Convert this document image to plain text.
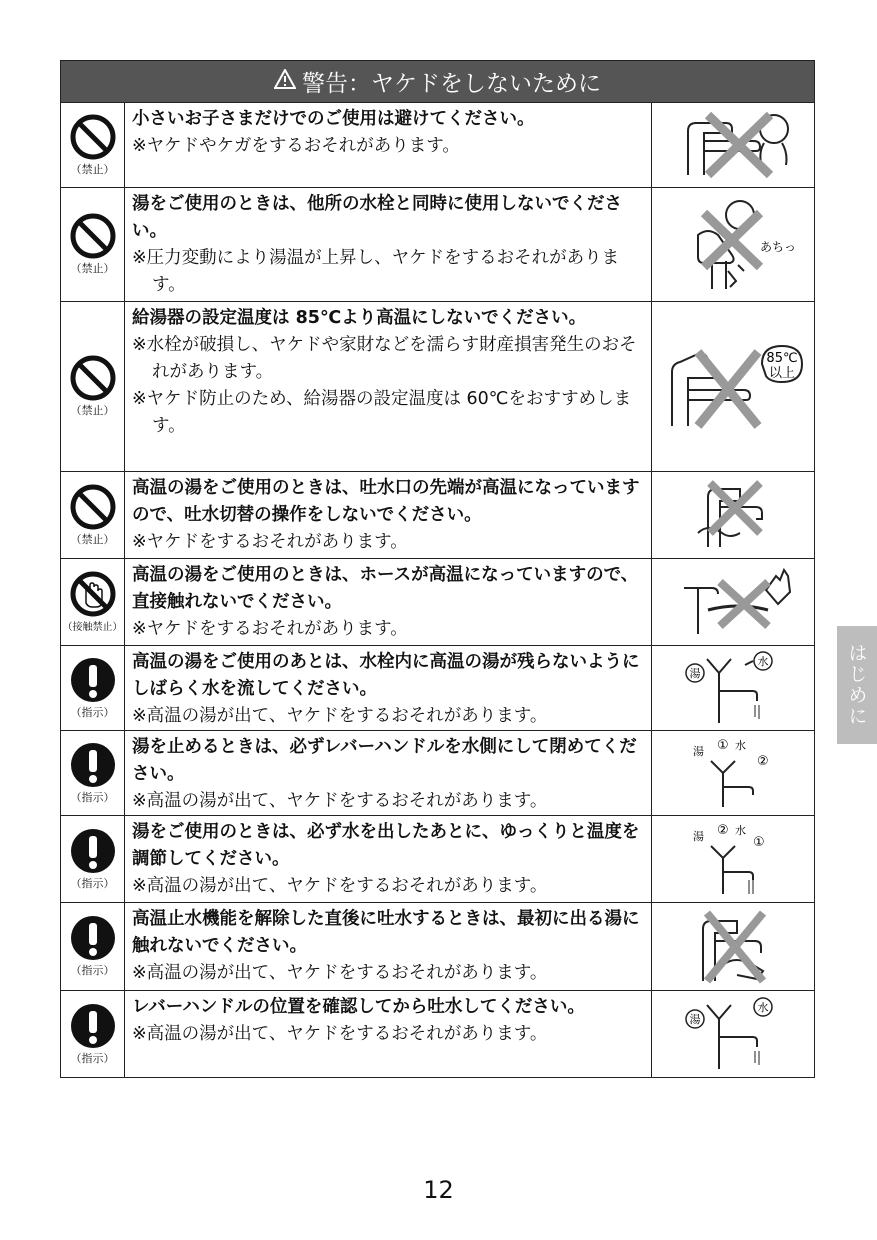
警告：ヤケドをしないために
（禁止）
小さいお子さまだけでのご使用は避けてください。
※ヤケドやケガをするおそれがあります。
（禁止）
湯をご使用のときは、他所の水栓と同時に使用しないでください。
※圧力変動により湯温が上昇し、ヤケドをするおそれがあります。
あちっ
（禁止）
給湯器の設定温度は 85℃より高温にしないでください。
※水栓が破損し、ヤケドや家財などを濡らす財産損害発生のおそれがあります。
※ヤケド防止のため、給湯器の設定温度は 60℃をおすすめします。
85℃
以上
（禁止）
高温の湯をご使用のときは、吐水口の先端が高温になっていますので、吐水切替の操作をしないでください。
※ヤケドをするおそれがあります。
（接触禁止）
高温の湯をご使用のときは、ホースが高温になっていますので、直接触れないでください。
※ヤケドをするおそれがあります。
（指示）
高温の湯をご使用のあとは、水栓内に高温の湯が残らないようにしばらく水を流してください。
※高温の湯が出て、ヤケドをするおそれがあります。
湯
水
（指示）
湯を止めるときは、必ずレバーハンドルを水側にして閉めてください。
※高温の湯が出て、ヤケドをするおそれがあります。
湯 ① 水
②
（指示）
湯をご使用のときは、必ず水を出したあとに、ゆっくりと温度を調節してください。
※高温の湯が出て、ヤケドをするおそれがあります。
湯 ② 水
①
（指示）
高温止水機能を解除した直後に吐水するときは、最初に出る湯に触れないでください。
※高温の湯が出て、ヤケドをするおそれがあります。
（指示）
レバーハンドルの位置を確認してから吐水してください。
※高温の湯が出て、ヤケドをするおそれがあります。
湯
水
はじめに
12
